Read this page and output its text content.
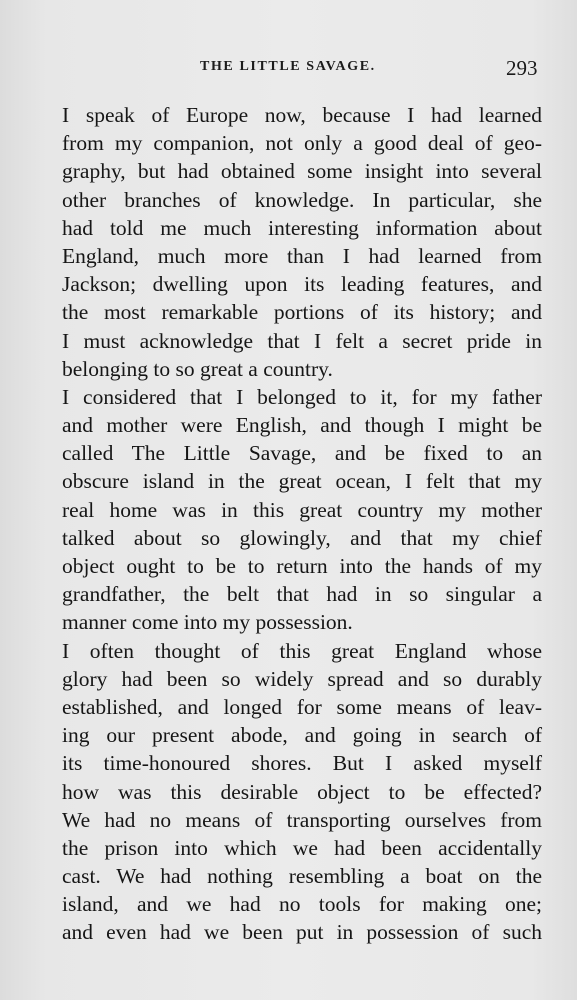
THE LITTLE SAVAGE.	293
I speak of Europe now, because I had learned
from my companion, not only a good deal of geo-
graphy, but had obtained some insight into several
other branches of knowledge. In particular, she
had told me much interesting information about
England, much more than I had learned from
Jackson; dwelling upon its leading features, and
the most remarkable portions of its history; and
I must acknowledge that I felt a secret pride in
belonging to so great a country.
I considered that I belonged to it, for my father
and mother were English, and though I might be
called The Little Savage, and be fixed to an
obscure island in the great ocean, I felt that my
real home was in this great country my mother
talked about so glowingly, and that my chief
object ought to be to return into the hands of my
grandfather, the belt that had in so singular a
manner come into my possession.
I often thought of this great England whose
glory had been so widely spread and so durably
established, and longed for some means of leav-
ing our present abode, and going in search of
its time-honoured shores. But I asked myself
how was this desirable object to be effected?
We had no means of transporting ourselves from
the prison into which we had been accidentally
cast. We had nothing resembling a boat on the
island, and we had no tools for making one;
and even had we been put in possession of such
